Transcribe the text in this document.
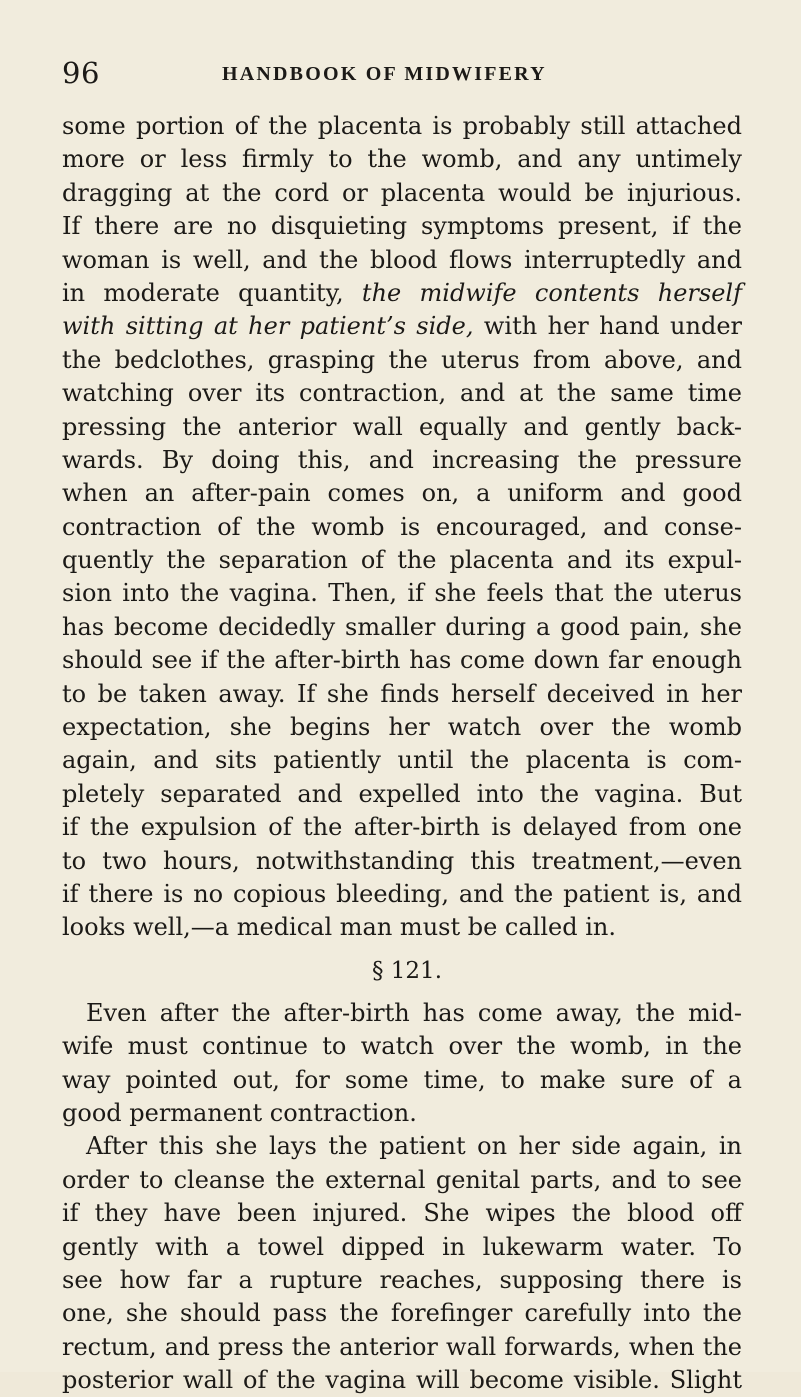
96	HANDBOOK OF MIDWIFERY
some portion of the placenta is probably still attached
more or less firmly to the womb, and any untimely
dragging at the cord or placenta would be injurious.
If there are no disquieting symptoms present, if the
woman is well, and the blood flows interruptedly and
in moderate quantity, the midwife contents herself
with sitting at her patient’s side, with her hand under
the bedclothes, grasping the uterus from above, and
watching over its contraction, and at the same time
pressing the anterior wall equally and gently back-
wards. By doing this, and increasing the pressure
when an after-pain comes on, a uniform and good
contraction of the womb is encouraged, and conse-
quently the separation of the placenta and its expul-
sion into the vagina. Then, if she feels that the uterus
has become decidedly smaller during a good pain, she
should see if the after-birth has come down far enough
to be taken away. If she finds herself deceived in her
expectation, she begins her watch over the womb
again, and sits patiently until the placenta is com-
pletely separated and expelled into the vagina. But
if the expulsion of the after-birth is delayed from one
to two hours, notwithstanding this treatment,—even
if there is no copious bleeding, and the patient is, and
looks well,—a medical man must be called in.
§ 121.
Even after the after-birth has come away, the mid-
wife must continue to watch over the womb, in the
way pointed out, for some time, to make sure of a
good permanent contraction.
After this she lays the patient on her side again, in
order to cleanse the external genital parts, and to see
if they have been injured. She wipes the blood off
gently with a towel dipped in lukewarm water. To
see how far a rupture reaches, supposing there is
one, she should pass the forefinger carefully into the
rectum, and press the anterior wall forwards, when the
posterior wall of the vagina will become visible. Slight
